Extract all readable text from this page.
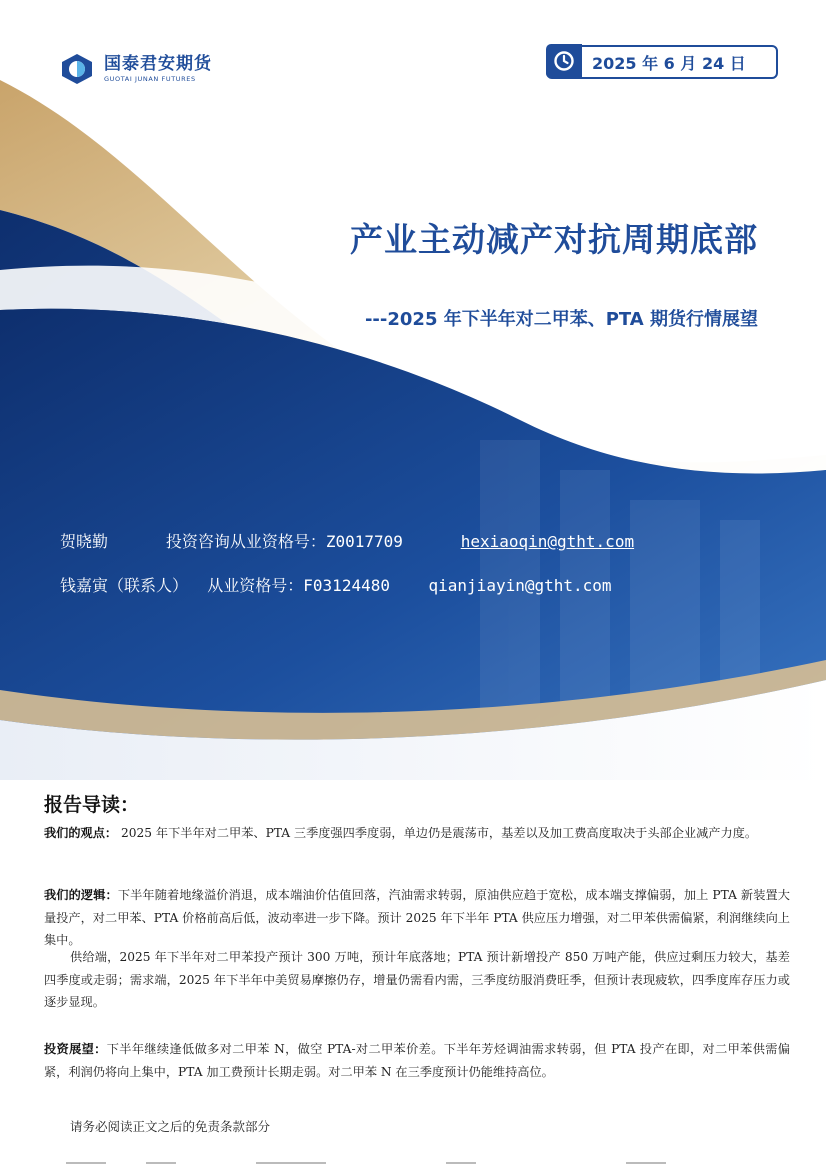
国泰君安期货
GUOTAI JUNAN FUTURES
2025 年 6 月 24 日
产业主动减产对抗周期底部
---2025 年下半年对二甲苯、PTA 期货行情展望
贺晓勤	投资咨询从业资格号：Z0017709	hexiaoqin@gtht.com
钱嘉寅（联系人） 从业资格号：F03124480 qianjiayin@gtht.com
报告导读：
我们的观点： 2025 年下半年对二甲苯、PTA 三季度强四季度弱，单边仍是震荡市，基差以及加工费高度取决于头部企业减产力度。
我们的逻辑：下半年随着地缘溢价消退，成本端油价估值回落，汽油需求转弱，原油供应趋于宽松，成本端支撑偏弱，加上 PTA 新装置大量投产，对二甲苯、PTA 价格前高后低，波动率进一步下降。预计 2025 年下半年 PTA 供应压力增强，对二甲苯供需偏紧，利润继续向上集中。
供给端，2025 年下半年对二甲苯投产预计 300 万吨，预计年底落地；PTA 预计新增投产 850 万吨产能，供应过剩压力较大，基差四季度或走弱；需求端，2025 年下半年中美贸易摩擦仍存，增量仍需看内需，三季度纺服消费旺季，但预计表现疲软，四季度库存压力或逐步显现。
投资展望：下半年继续逢低做多对二甲苯 N，做空 PTA-对二甲苯价差。下半年芳烃调油需求转弱，但 PTA 投产在即，对二甲苯供需偏紧，利润仍将向上集中，PTA 加工费预计长期走弱。对二甲苯 N 在三季度预计仍能维持高位。
请务必阅读正文之后的免责条款部分
